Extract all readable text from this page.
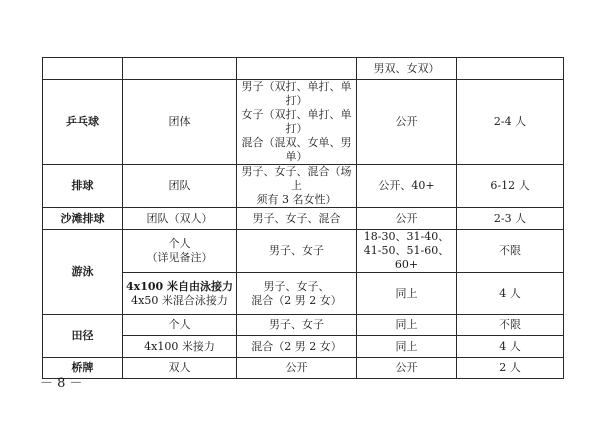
			男双、女双）	
乒乓球	团体	男子（双打、单打、单打）
女子（双打、单打、单打）
混合（混双、女单、男单）	公开	2-4 人
排球	团队	男子、女子、混合（场上
须有 3 名女性）	公开、40+	6-12 人
沙滩排球	团队（双人）	男子、女子、混合	公开	2-3 人
游泳	个人
（详见备注）	男子、女子	18-30、31-40、
41-50、51-60、60+	不限

	4x100 米自由泳接力
4x50 米混合泳接力	男子、女子、
混合（2 男 2 女）	同上	4 人
田径	个人	男子、女子	同上	不限
	4x100 米接力	混合（2 男 2 女）	同上	4 人
桥牌	双人	公开	公开	2 人
－ 8 －
